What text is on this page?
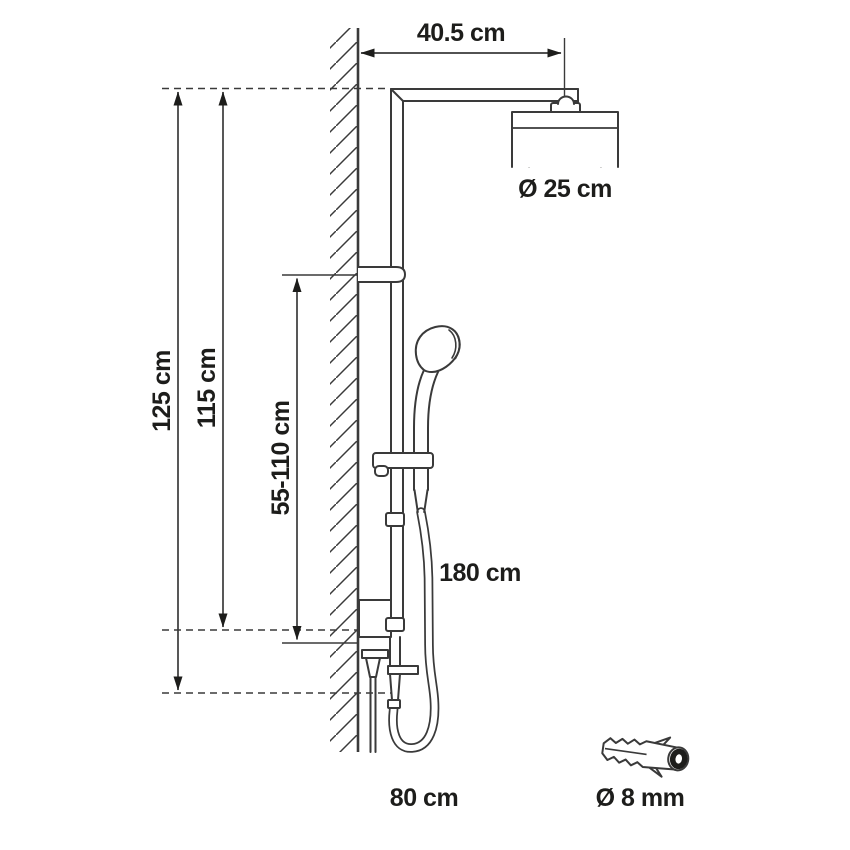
40.5 cm
Ø 25 cm
125 cm 115 cm
55-110 cm
180 cm
80 cm	Ø 8 mm
